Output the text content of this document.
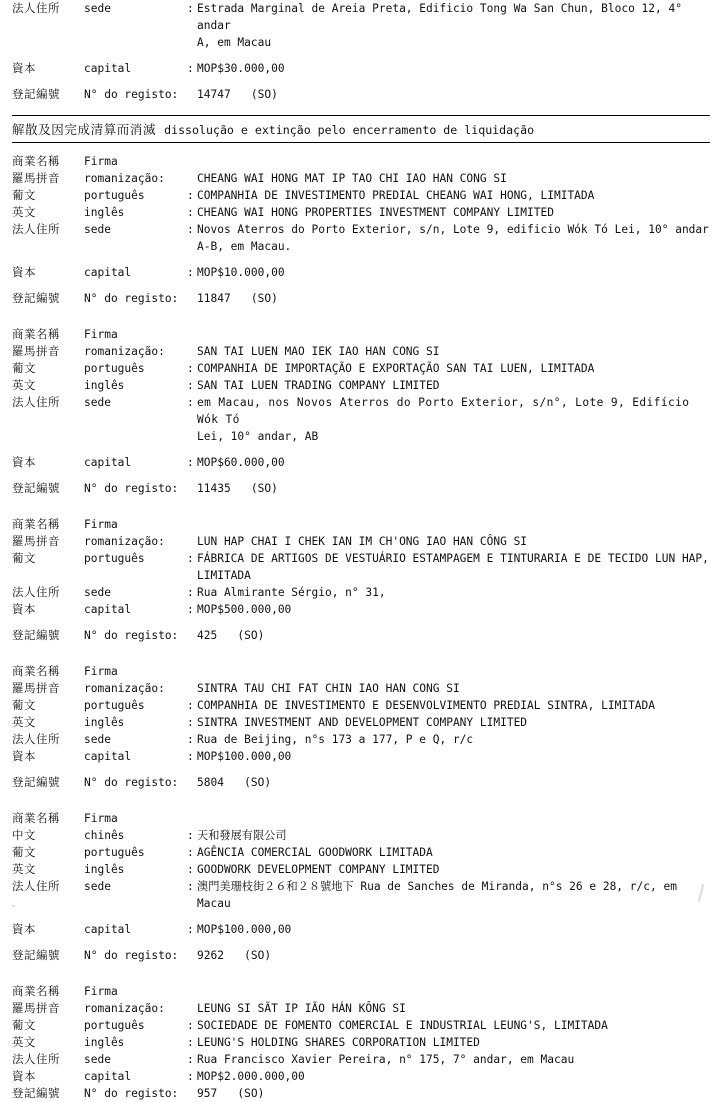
法人住所	sede	: Estrada Marginal de Areia Preta, Edificio Tong Wa San Chun, Bloco 12, 4° andar
A, em Macau
資本	capital	: MOP$30.000,00
登記編號	N° do registo:
	14747   (SO)
解散及因完成清算而消滅 dissolução e extinção pelo encerramento de liquidação
商業名稱	Firma
羅馬拼音	romanização:
	CHEANG WAI HONG MAT IP TAO CHI IAO HAN CONG SI
葡文	português	: COMPANHIA DE INVESTIMENTO PREDIAL CHEANG WAI HONG, LIMITADA
英文	inglês	: CHEANG WAI HONG PROPERTIES INVESTMENT COMPANY LIMITED
法人住所	sede	: Novos Aterros do Porto Exterior, s/n, Lote 9, edificio Wók Tó Lei, 10° andar
A-B, em Macau.
資本	capital	: MOP$10.000,00
登記編號	N° do registo:
	11847   (SO)
商業名稱	Firma
羅馬拼音	romanização:
	SAN TAI LUEN MAO IEK IAO HAN CONG SI
葡文	português	: COMPANHIA DE IMPORTAÇÃO E EXPORTAÇÃO SAN TAI LUEN, LIMITADA
英文	inglês	: SAN TAI LUEN TRADING COMPANY LIMITED
法人住所	sede	: em Macau, nos Novos Aterros do Porto Exterior, s/n°, Lote 9, Edifício Wók Tó
Lei, 10° andar, AB
資本	capital	: MOP$60.000,00
登記編號	N° do registo:
	11435   (SO)
商業名稱	Firma
羅馬拼音	romanização:
	LUN HAP CHAI I CHEK IAN IM CH'ONG IAO HAN CÔNG SI
葡文	português	: FÁBRICA DE ARTIGOS DE VESTUÁRIO ESTAMPAGEM E TINTURARIA E DE TECIDO LUN HAP,
LIMITADA
法人住所	sede	: Rua Almirante Sérgio, n° 31,
資本	capital	: MOP$500.000,00
登記編號	N° do registo:
	425   (SO)
商業名稱	Firma
羅馬拼音	romanização:
	SINTRA TAU CHI FAT CHIN IAO HAN CONG SI
葡文	português	: COMPANHIA DE INVESTIMENTO E DESENVOLVIMENTO PREDIAL SINTRA, LIMITADA
英文	inglês	: SINTRA INVESTMENT AND DEVELOPMENT COMPANY LIMITED
法人住所	sede	: Rua de Beijing, n°s 173 a 177, P e Q, r/c
資本	capital	: MOP$100.000,00
登記編號	N° do registo:
	5804   (SO)
商業名稱	Firma
中文	chinês	: 天和發展有限公司
葡文	português	: AGÊNCIA COMERCIAL GOODWORK LIMITADA
英文	inglês	: GOODWORK DEVELOPMENT COMPANY LIMITED
法人住所	sede	: 澳門美珊枝街２６和２８號地下 Rua de Sanches de Miranda, n°s 26 e 28, r/c, em
Macau
資本	capital	: MOP$100.000,00
登記編號	N° do registo:
	9262   (SO)
商業名稱	Firma
羅馬拼音	romanização:
	LEUNG SI SÃT IP IÃO HÁN KÔNG SI
葡文	português	: SOCIEDADE DE FOMENTO COMERCIAL E INDUSTRIAL LEUNG'S, LIMITADA
英文	inglês	: LEUNG'S HOLDING SHARES CORPORATION LIMITED
法人住所	sede	: Rua Francisco Xavier Pereira, n° 175, 7° andar, em Macau
資本	capital	: MOP$2.000.000,00
登記編號	N° do registo:
	957   (SO)
